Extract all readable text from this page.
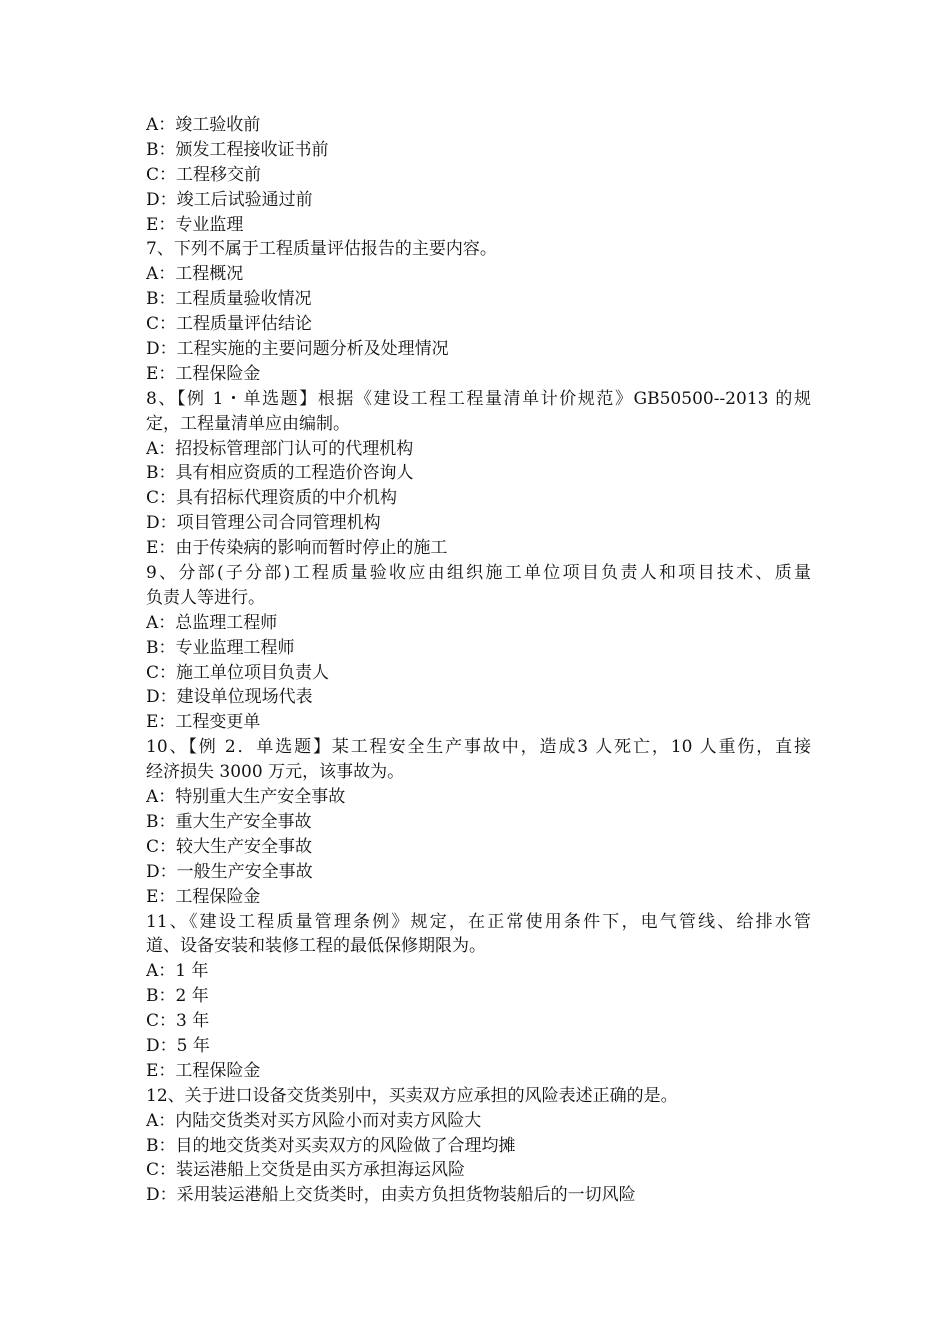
A：竣工验收前
B：颁发工程接收证书前
C：工程移交前
D：竣工后试验通过前
E：专业监理
7、下列不属于工程质量评估报告的主要内容。
A：工程概况
B：工程质量验收情况
C：工程质量评估结论
D：工程实施的主要问题分析及处理情况
E：工程保险金
8、【例 1・单选题】根据《建设工程工程量清单计价规范》GB50500--2013 的规
定，工程量清单应由编制。
A：招投标管理部门认可的代理机构
B：具有相应资质的工程造价咨询人
C：具有招标代理资质的中介机构
D：项目管理公司合同管理机构
E：由于传染病的影响而暂时停止的施工
9、分部(子分部)工程质量验收应由组织施工单位项目负责人和项目技术、质量
负责人等进行。
A：总监理工程师
B：专业监理工程师
C：施工单位项目负责人
D：建设单位现场代表
E：工程变更单
10、【例 2．单选题】某工程安全生产事故中，造成3 人死亡，10 人重伤，直接
经济损失 3000 万元，该事故为。
A：特别重大生产安全事故
B：重大生产安全事故
C：较大生产安全事故
D：一般生产安全事故
E：工程保险金
11、《建设工程质量管理条例》规定，在正常使用条件下，电气管线、给排水管
道、设备安装和装修工程的最低保修期限为。
A：1 年
B：2 年
C：3 年
D：5 年
E：工程保险金
12、关于进口设备交货类别中，买卖双方应承担的风险表述正确的是。
A：内陆交货类对买方风险小而对卖方风险大
B：目的地交货类对买卖双方的风险做了合理均摊
C：装运港船上交货是由买方承担海运风险
D：采用装运港船上交货类时，由卖方负担货物装船后的一切风险
